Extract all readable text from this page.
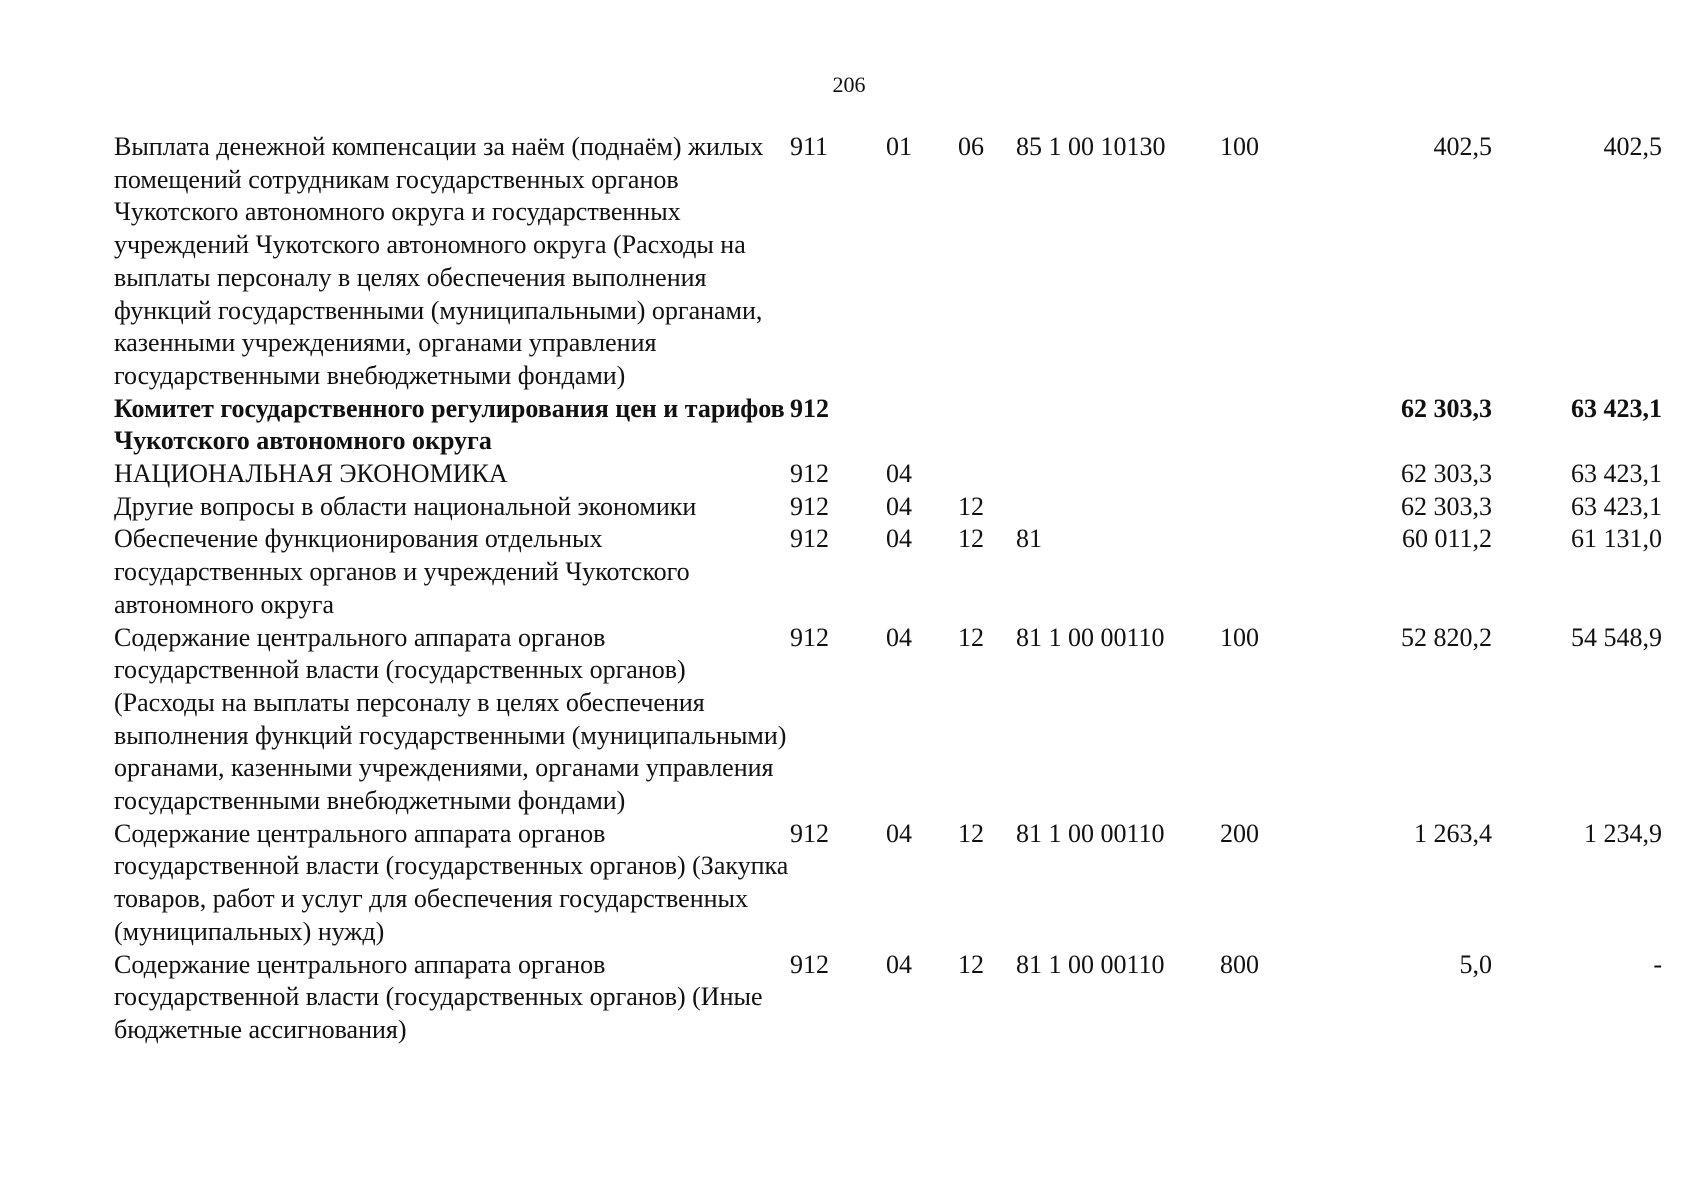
206
Выплата денежной компенсации за наём (поднаём) жилых помещений сотрудникам государственных органов Чукотского автономного округа и государственных учреждений Чукотского автономного округа (Расходы на выплаты персоналу в целях обеспечения выполнения функций государственными (муниципальными) органами, казенными учреждениями, органами управления государственными внебюджетными фондами)	911	01	06	85 1 00 10130	100	402,5	402,5
Комитет государственного регулирования цен и тарифов Чукотского автономного округа	912					62 303,3	63 423,1
НАЦИОНАЛЬНАЯ ЭКОНОМИКА	912	04				62 303,3	63 423,1
Другие вопросы в области национальной экономики	912	04	12			62 303,3	63 423,1
Обеспечение функционирования отдельных государственных органов и учреждений Чукотского автономного округа	912	04	12	81		60 011,2	61 131,0
Содержание центрального аппарата органов государственной власти (государственных органов) (Расходы на выплаты персоналу в целях обеспечения выполнения функций государственными (муниципальными) органами, казенными учреждениями, органами управления государственными внебюджетными фондами)	912	04	12	81 1 00 00110	100	52 820,2	54 548,9
Содержание центрального аппарата органов государственной власти (государственных органов) (Закупка товаров, работ и услуг для обеспечения государственных (муниципальных) нужд)	912	04	12	81 1 00 00110	200	1 263,4	1 234,9
Содержание центрального аппарата органов государственной власти (государственных органов) (Иные бюджетные ассигнования)	912	04	12	81 1 00 00110	800	5,0	-
